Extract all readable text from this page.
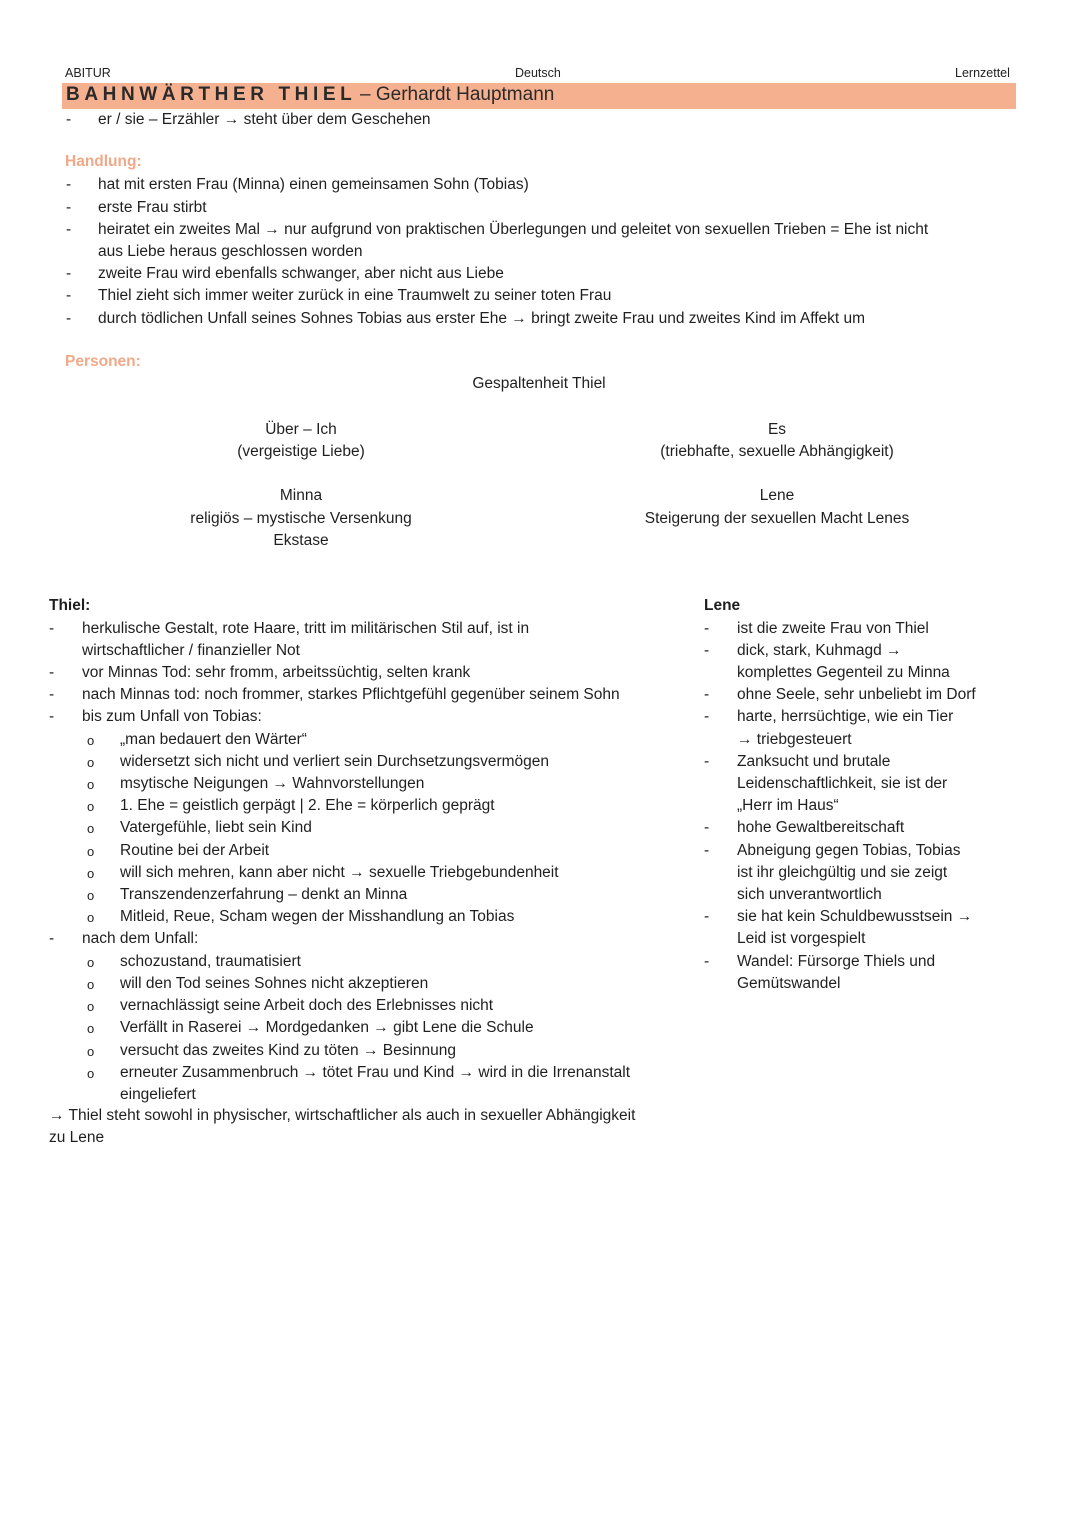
ABITUR	Deutsch	Lernzettel
BAHNWÄRTHER THIEL – Gerhardt Hauptmann
- er / sie – Erzähler → steht über dem Geschehen
Handlung:
- hat mit ersten Frau (Minna) einen gemeinsamen Sohn (Tobias)
- erste Frau stirbt
- heiratet ein zweites Mal → nur aufgrund von praktischen Überlegungen und geleitet von sexuellen Trieben = Ehe ist nicht
aus Liebe heraus geschlossen worden
- zweite Frau wird ebenfalls schwanger, aber nicht aus Liebe
- Thiel zieht sich immer weiter zurück in eine Traumwelt zu seiner toten Frau
- durch tödlichen Unfall seines Sohnes Tobias aus erster Ehe → bringt zweite Frau und zweites Kind im Affekt um
Personen:
Gespaltenheit Thiel
Über – Ich
(vergeistige Liebe)
Minna
religiös – mystische Versenkung
Ekstase
Es
(triebhafte, sexuelle Abhängigkeit)
Lene
Steigerung der sexuellen Macht Lenes
Thiel:
- herkulische Gestalt, rote Haare, tritt im militärischen Stil auf, ist in
wirtschaftlicher / finanzieller Not
- vor Minnas Tod: sehr fromm, arbeitssüchtig, selten krank
- nach Minnas tod: noch frommer, starkes Pflichtgefühl gegenüber seinem Sohn
- bis zum Unfall von Tobias:
o „man bedauert den Wärter“
o widersetzt sich nicht und verliert sein Durchsetzungsvermögen
o msytische Neigungen → Wahnvorstellungen
o 1. Ehe = geistlich gerpägt | 2. Ehe = körperlich geprägt
o Vatergefühle, liebt sein Kind
o Routine bei der Arbeit
o will sich mehren, kann aber nicht → sexuelle Triebgebundenheit
o Transzendenzerfahrung – denkt an Minna
o Mitleid, Reue, Scham wegen der Misshandlung an Tobias
- nach dem Unfall:
o schozustand, traumatisiert
o will den Tod seines Sohnes nicht akzeptieren
o vernachlässigt seine Arbeit doch des Erlebnisses nicht
o Verfällt in Raserei → Mordgedanken → gibt Lene die Schule
o versucht das zweites Kind zu töten → Besinnung
o erneuter Zusammenbruch → tötet Frau und Kind → wird in die Irrenanstalt
eingeliefert
→ Thiel steht sowohl in physischer, wirtschaftlicher als auch in sexueller Abhängigkeit
zu Lene
Lene
- ist die zweite Frau von Thiel
- dick, stark, Kuhmagd →
komplettes Gegenteil zu Minna
- ohne Seele, sehr unbeliebt im Dorf
- harte, herrsüchtige, wie ein Tier
→ triebgesteuert
- Zanksucht und brutale
Leidenschaftlichkeit, sie ist der
„Herr im Haus“
- hohe Gewaltbereitschaft
- Abneigung gegen Tobias, Tobias
ist ihr gleichgültig und sie zeigt
sich unverantwortlich
- sie hat kein Schuldbewusstsein →
Leid ist vorgespielt
- Wandel: Fürsorge Thiels und
Gemütswandel
